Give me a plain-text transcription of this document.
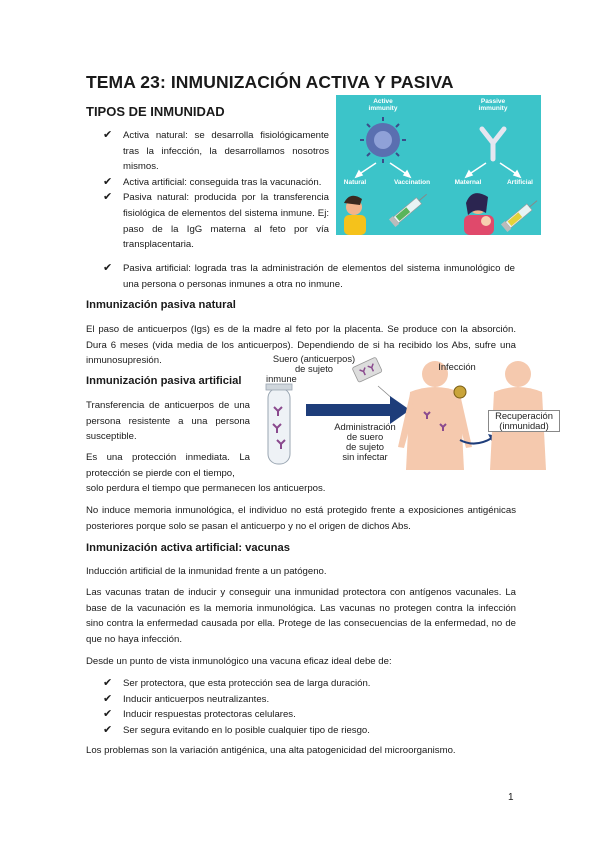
TEMA 23: INMUNIZACIÓN ACTIVA Y PASIVA
TIPOS DE INMUNIDAD
✔ Activa natural: se desarrolla fisiológicamente tras la infección, la desarrollamos nosotros mismos.
✔ Activa artificial: conseguida tras la vacunación.
✔ Pasiva natural: producida por la transferencia fisiológica de elementos del sistema inmune. Ej: paso de la IgG materna al feto por vía transplacentaria.
✔ Pasiva artificial: lograda tras la administración de elementos del sistema inmunológico de una persona o personas inmunes a otra no inmune.
Active immunity
Passive immunity
Natural	Vaccination	Maternal	Artificial
Inmunización pasiva natural
El paso de anticuerpos (Igs) es de la madre al feto por la placenta. Se produce con la absorción. Dura 6 meses (vida media de los anticuerpos). Dependiendo de si ha recibido los Abs, sufre una inmunosupresión.
Inmunización pasiva artificial
Transferencia de anticuerpos de una persona resistente a una persona susceptible.
Es una protección inmediata. La protección se pierde con el tiempo,
solo perdura el tiempo que permanecen los anticuerpos.
No induce memoria inmunológica, el individuo no está protegido frente a exposiciones antigénicas posteriores porque solo se pasan el anticuerpo y no el origen de dichos Abs.
Suero (anticuerpos)
de sujeto
inmune
Infección
Administración
de suero
de sujeto
sin infectar
Recuperación
(inmunidad)
Inmunización activa artificial: vacunas
Inducción artificial de la inmunidad frente a un patógeno.
Las vacunas tratan de inducir y conseguir una inmunidad protectora con antígenos vacunales. La base de la vacunación es la memoria inmunológica. Las vacunas no protegen contra la infección sino contra la enfermedad causada por ella. Protege de las consecuencias de la enfermedad, no de que no haya infección.
Desde un punto de vista inmunológico una vacuna eficaz ideal debe de:
✔ Ser protectora, que esta protección sea de larga duración.
✔ Inducir anticuerpos neutralizantes.
✔ Inducir respuestas protectoras celulares.
✔ Ser segura evitando en lo posible cualquier tipo de riesgo.
Los problemas son la variación antigénica, una alta patogenicidad del microorganismo.
1
